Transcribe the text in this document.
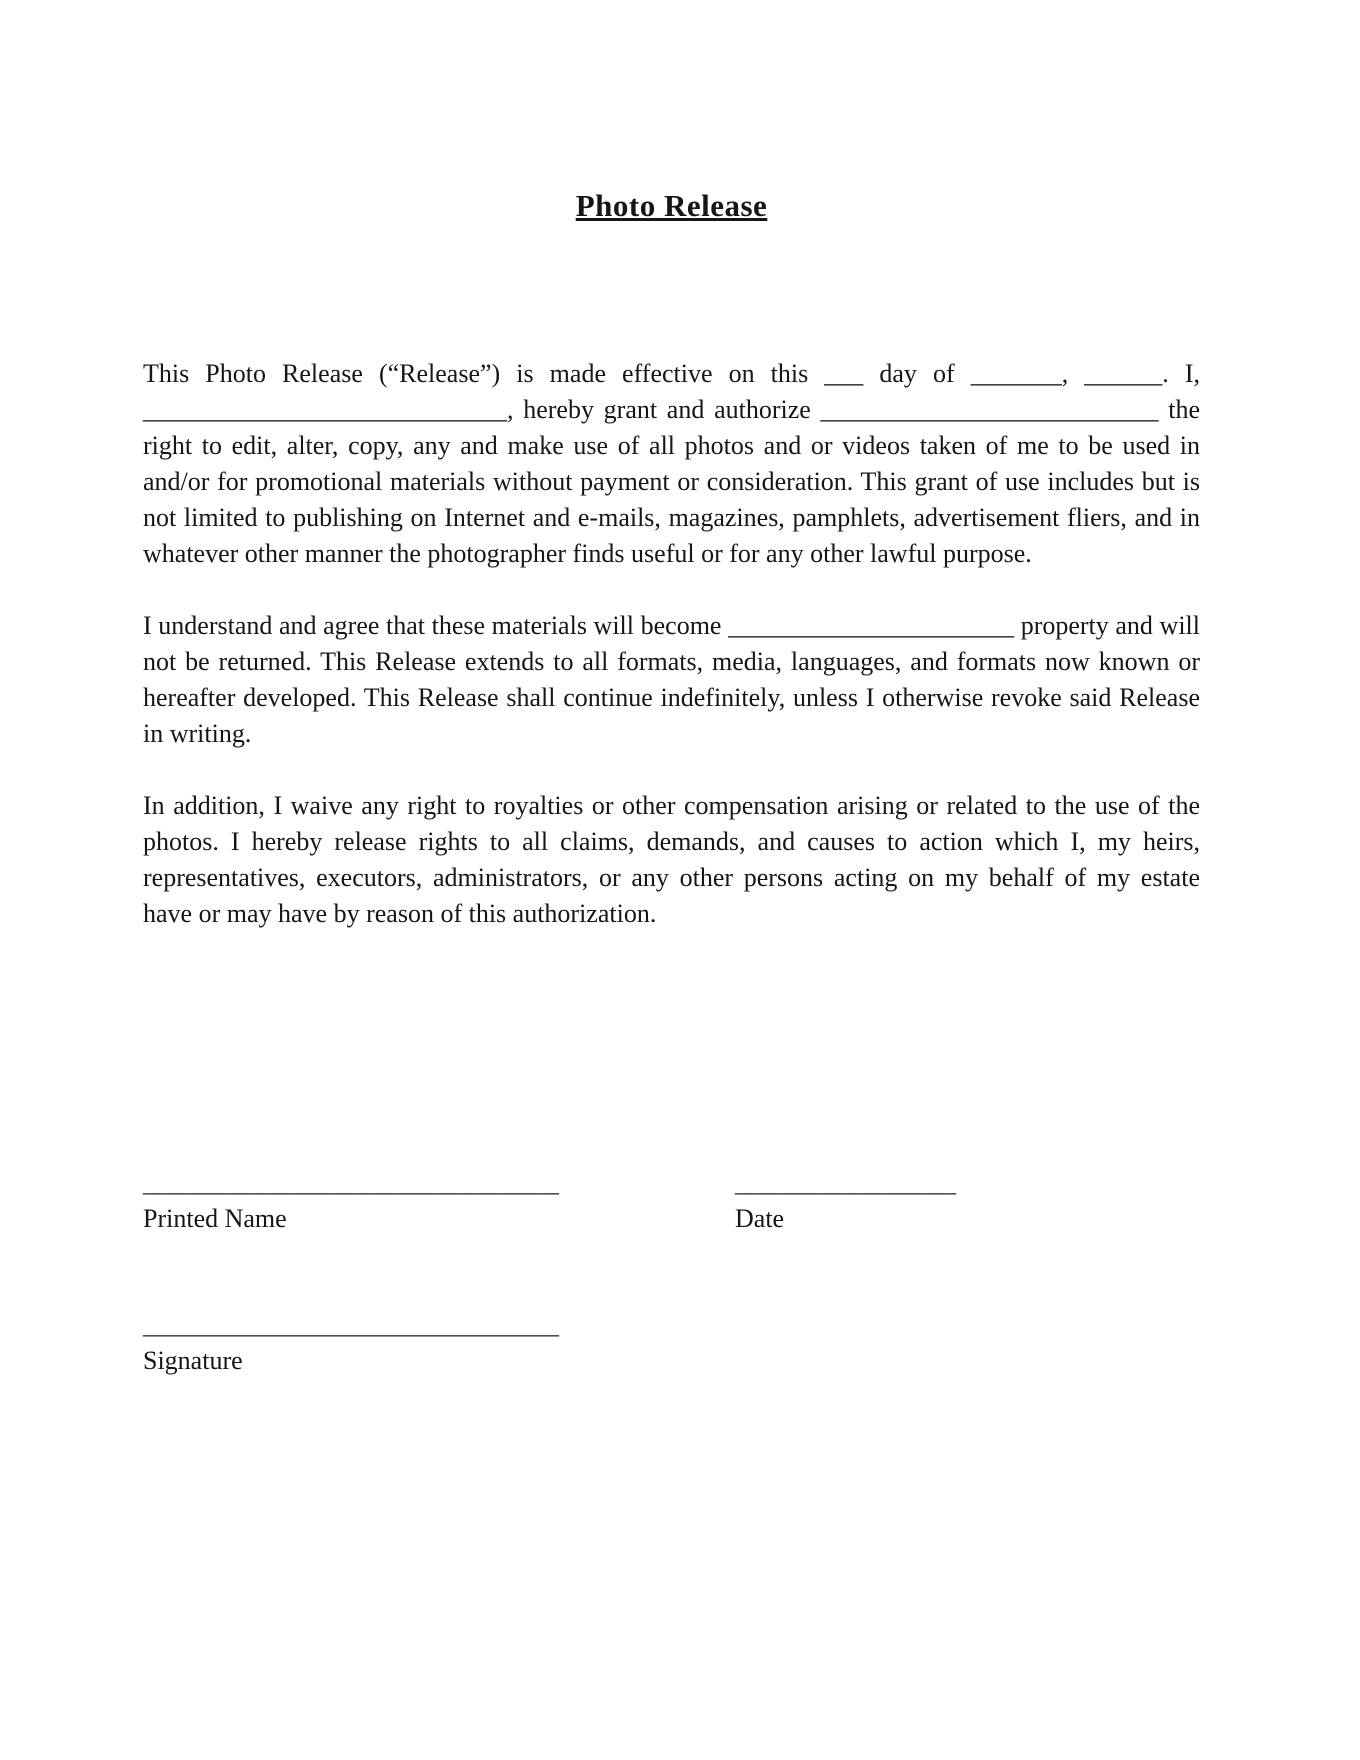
Photo Release

This Photo Release (“Release”) is made effective on this ___ day of _______, ______. I, ____________________________, hereby grant and authorize __________________________ the right to edit, alter, copy, any and make use of all photos and or videos taken of me to be used in and/or for promotional materials without payment or consideration. This grant of use includes but is not limited to publishing on Internet and e-mails, magazines, pamphlets, advertisement fliers, and in whatever other manner the photographer finds useful or for any other lawful purpose.

I understand and agree that these materials will become ______________________ property and will not be returned. This Release extends to all formats, media, languages, and formats now known or hereafter developed. This Release shall continue indefinitely, unless I otherwise revoke said Release in writing.

In addition, I waive any right to royalties or other compensation arising or related to the use of the photos. I hereby release rights to all claims, demands, and causes to action which I, my heirs, representatives, executors, administrators, or any other persons acting on my behalf of my estate have or may have by reason of this authorization.

________________________________
Printed Name
_________________
Date
________________________________
Signature
